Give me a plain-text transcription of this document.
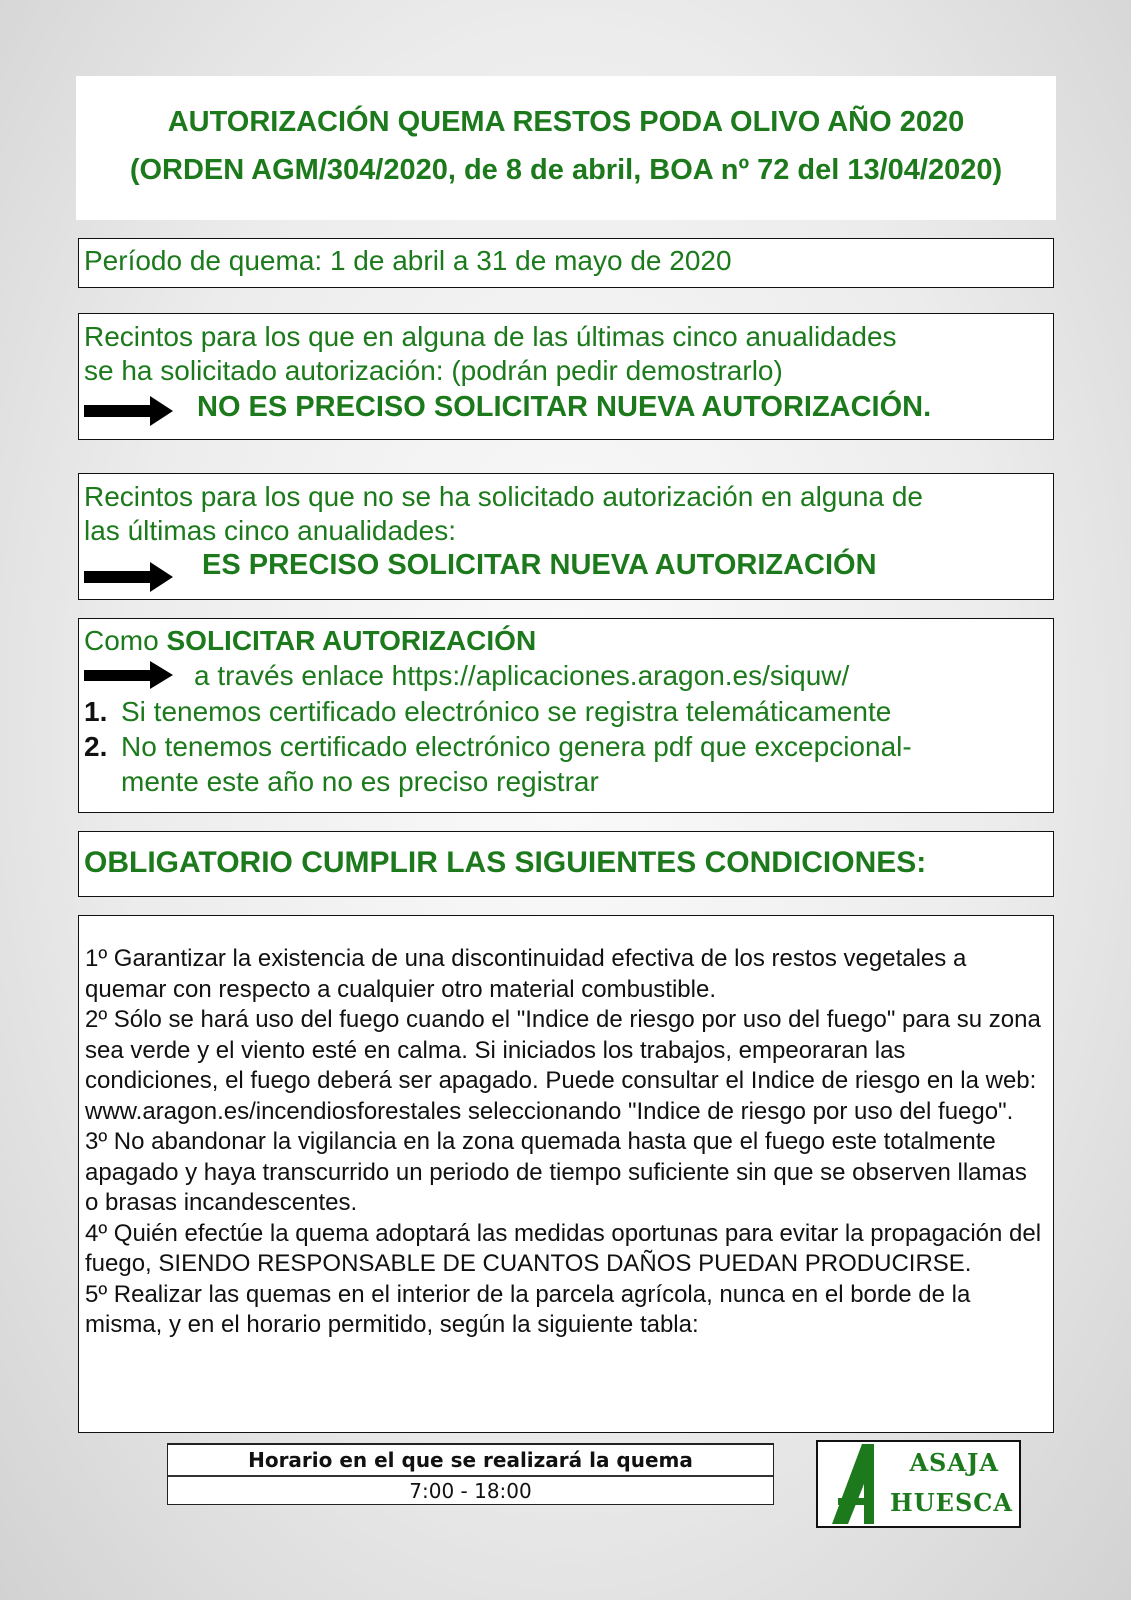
AUTORIZACIÓN QUEMA RESTOS PODA OLIVO AÑO 2020
(ORDEN AGM/304/2020, de 8 de abril, BOA nº 72 del 13/04/2020)
Período de quema: 1 de abril a 31 de mayo de 2020
Recintos para los que en alguna de las últimas cinco anualidades
se ha solicitado autorización: (podrán pedir demostrarlo)
NO ES PRECISO SOLICITAR NUEVA AUTORIZACIÓN.
Recintos para los que no se ha solicitado autorización en alguna de
las últimas cinco anualidades:
ES PRECISO SOLICITAR NUEVA AUTORIZACIÓN
Como SOLICITAR AUTORIZACIÓN
a través enlace https://aplicaciones.aragon.es/siquw/
1. Si tenemos certificado electrónico se registra telemáticamente
2. No tenemos certificado electrónico genera pdf que excepcional-
mente este año no es preciso registrar
OBLIGATORIO CUMPLIR LAS SIGUIENTES CONDICIONES:

1º Garantizar la existencia de una discontinuidad efectiva de los restos vegetales a quemar con respecto a cualquier otro material combustible.

2º Sólo se hará uso del fuego cuando el "Indice de riesgo por uso del fuego" para su zona sea verde y el viento esté en calma. Si iniciados los trabajos, empeoraran las condiciones, el fuego deberá ser apagado. Puede consultar el Indice de riesgo en la web: www.aragon.es/incendiosforestales seleccionando "Indice de riesgo por uso del fuego".

3º No abandonar la vigilancia en la zona quemada hasta que el fuego este totalmente apagado y haya transcurrido un periodo de tiempo suficiente sin que se observen llamas o brasas incandescentes.

4º Quién efectúe la quema adoptará las medidas oportunas para evitar la propagación del fuego, SIENDO RESPONSABLE DE CUANTOS DAÑOS PUEDAN PRODUCIRSE.

5º Realizar las quemas en el interior de la parcela agrícola, nunca en el borde de la misma, y en el horario permitido, según la siguiente tabla:

Horario en el que se realizará la quema
7:00 - 18:00
ASAJA
HUESCA
